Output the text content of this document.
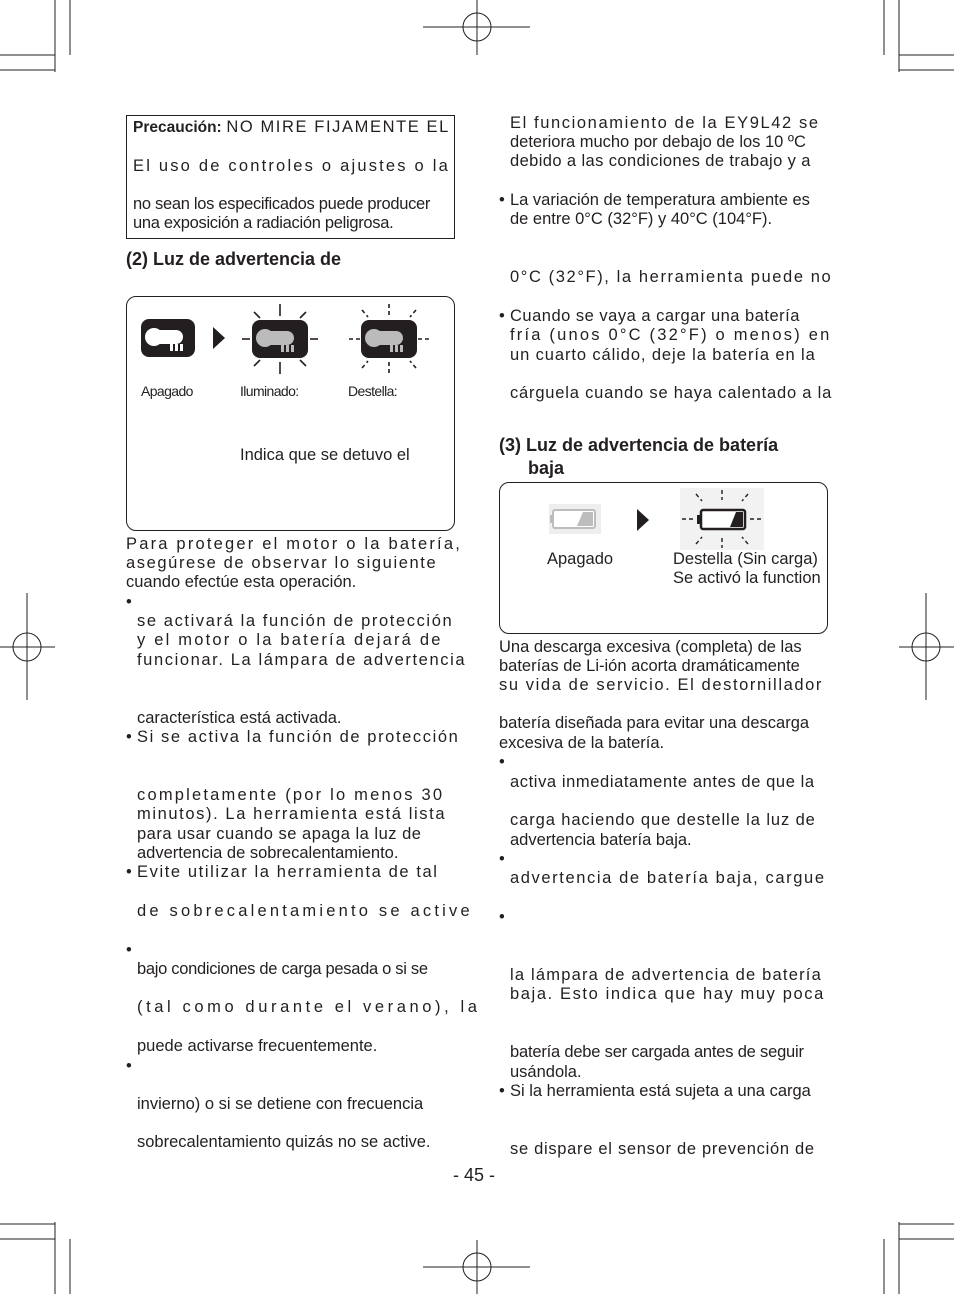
Precaución: NO MIRE FIJAMENTE EL
El uso de controles o ajustes o la
no sean los especificados puede producer
una exposición a radiación peligrosa.
(2) Luz de advertencia de
Apagado	Iluminado:	Destella:
Indica que se detuvo el
Para proteger el motor o la batería,
asegúrese de observar lo siguiente
cuando efectúe esta operación.
•
se activará la función de protección
y el motor o la batería dejará de
funcionar. La lámpara de advertencia
característica está activada.
• Si se activa la función de protección
completamente (por lo menos 30
minutos). La herramienta está lista
para usar cuando se apaga la luz de
advertencia de sobrecalentamiento.
• Evite utilizar la herramienta de tal
de sobrecalentamiento se active
•
bajo condiciones de carga pesada o si se
(tal como durante el verano), la
puede activarse frecuentemente.
•
invierno) o si se detiene con frecuencia
sobrecalentamiento quizás no se active.
El funcionamiento de la EY9L42 se
deteriora mucho por debajo de los 10 ºC
debido a las condiciones de trabajo y a
• La variación de temperatura ambiente es
de entre 0°C (32°F) y 40°C (104°F).
0°C (32°F), la herramienta puede no
• Cuando se vaya a cargar una batería
fría (unos 0°C (32°F) o menos) en
un cuarto cálido, deje la batería en la
cárguela cuando se haya calentado a la
(3) Luz de advertencia de batería
baja
Apagado	Destella (Sin carga)
Se activó la function
Una descarga excesiva (completa) de las
baterías de Li-ión acorta dramáticamente
su vida de servicio. El destornillador
batería diseñada para evitar una descarga
excesiva de la batería.
•
activa inmediatamente antes de que la
carga haciendo que destelle la luz de
advertencia batería baja.
•
advertencia de batería baja, cargue
•
la lámpara de advertencia de batería
baja. Esto indica que hay muy poca
batería debe ser cargada antes de seguir
usándola.
• Si la herramienta está sujeta a una carga
se dispare el sensor de prevención de
- 45 -
